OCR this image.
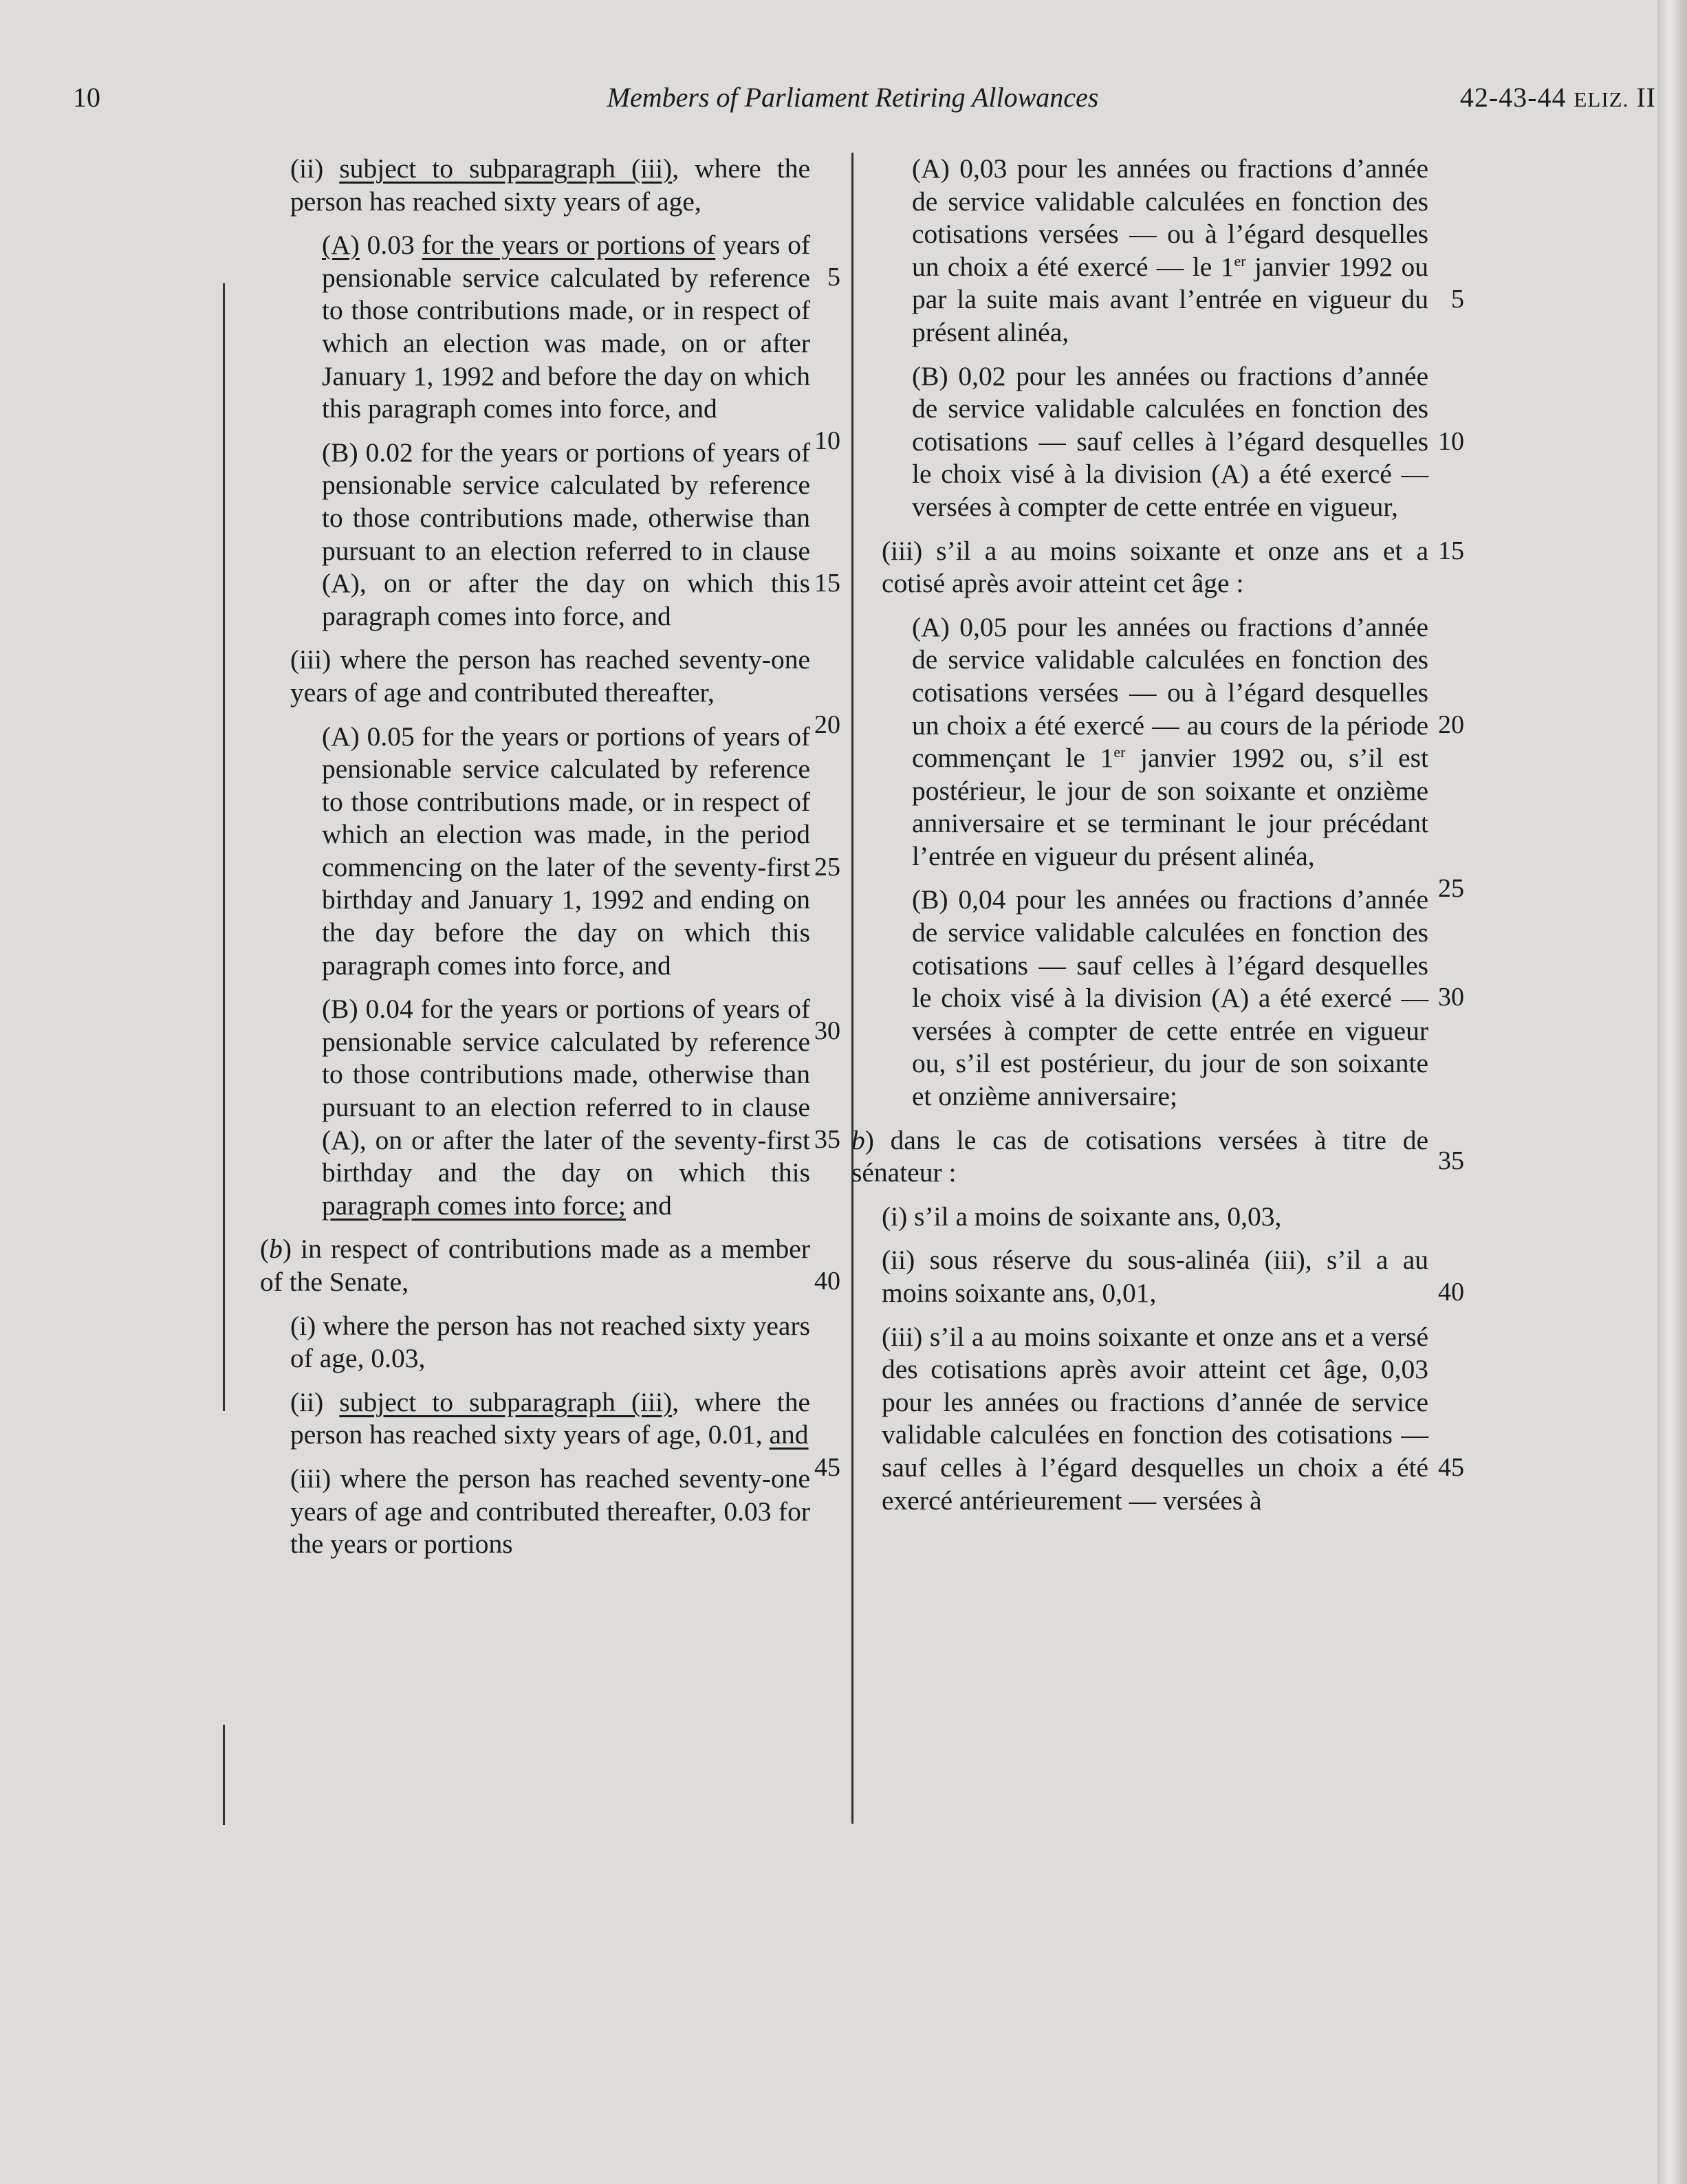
10	Members of Parliament Retiring Allowances	42-43-44 ELIZ. II
(ii) subject to subparagraph (iii), where the person has reached sixty years of age,
(A) 0.03 for the years or portions of years of pensionable service calculated by reference to those contributions made, or in respect of which an election was made, on or after January 1, 1992 and before the day on which this paragraph comes into force, and
5
10
(B) 0.02 for the years or portions of years of pensionable service calculated by reference to those contributions made, otherwise than pursuant to an election referred to in clause (A), on or after the day on which this paragraph comes into force, and
15
(iii) where the person has reached seventy-one years of age and contributed thereafter,
20
(A) 0.05 for the years or portions of years of pensionable service calculated by reference to those contributions made, or in respect of which an election was made, in the period commencing on the later of the seventy-first birthday and January 1, 1992 and ending on the day before the day on which this paragraph comes into force, and
25
30
(B) 0.04 for the years or portions of years of pensionable service calculated by reference to those contributions made, otherwise than pursuant to an election referred to in clause (A), on or after the later of the seventy-first birthday and the day on which this paragraph comes into force; and
35
(b) in respect of contributions made as a member of the Senate,	40
(i) where the person has not reached sixty years of age, 0.03,
(ii) subject to subparagraph (iii), where the person has reached sixty years of age, 0.01, and
45
(iii) where the person has reached seventy-one years of age and contributed thereafter, 0.03 for the years or portions
(A) 0,03 pour les années ou fractions d’année de service validable calculées en fonction des cotisations versées — ou à l’égard desquelles un choix a été exercé — le 1er janvier 1992 ou par la suite mais avant l’entrée en vigueur du présent alinéa,
5
(B) 0,02 pour les années ou fractions d’année de service validable calculées en fonction des cotisations — sauf celles à l’égard desquelles le choix visé à la division (A) a été exercé — versées à compter de cette entrée en vigueur,
10
(iii) s’il a au moins soixante et onze ans et a cotisé après avoir atteint cet âge :
15
(A) 0,05 pour les années ou fractions d’année de service validable calculées en fonction des cotisations versées — ou à l’égard desquelles un choix a été exercé — au cours de la période commençant le 1er janvier 1992 ou, s’il est postérieur, le jour de son soixante et onzième anniversaire et se terminant le jour précédant l’entrée en vigueur du présent alinéa,
20
25
(B) 0,04 pour les années ou fractions d’année de service validable calculées en fonction des cotisations — sauf celles à l’égard desquelles le choix visé à la division (A) a été exercé — versées à compter de cette entrée en vigueur ou, s’il est postérieur, du jour de son soixante et onzième anniversaire;
30
35
b) dans le cas de cotisations versées à titre de sénateur :
(i) s’il a moins de soixante ans, 0,03,
(ii) sous réserve du sous-alinéa (iii), s’il a au moins soixante ans, 0,01,	40
(iii) s’il a au moins soixante et onze ans et a versé des cotisations après avoir atteint cet âge, 0,03 pour les années ou fractions d’année de service validable calculées en fonction des cotisations — sauf celles à l’égard desquelles un choix a été exercé antérieurement — versées à
45
